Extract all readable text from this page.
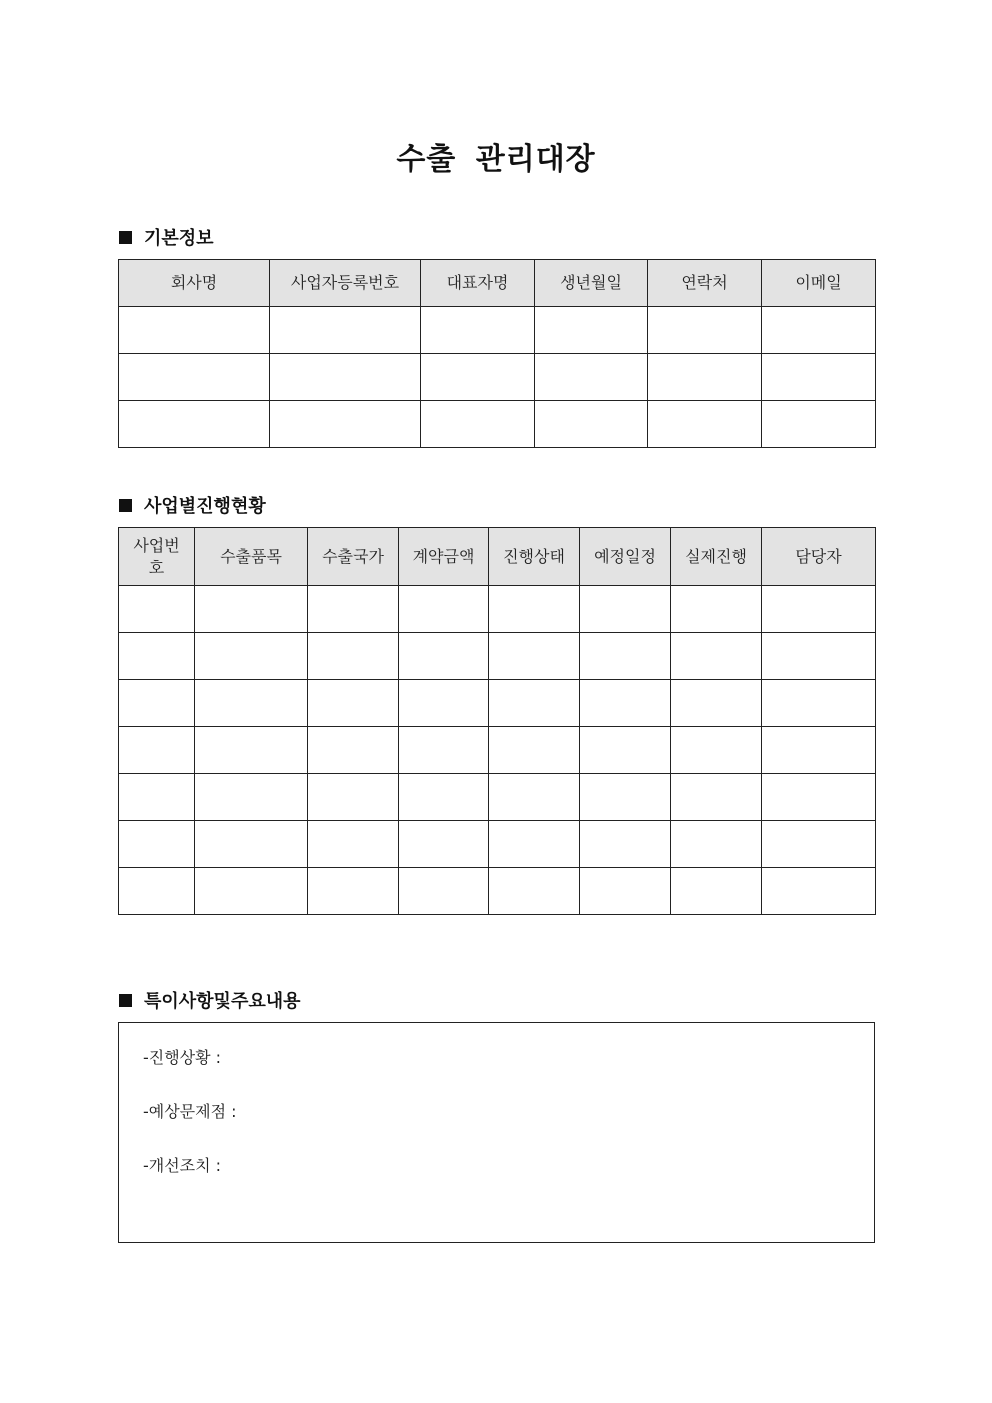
수출 관리대장
기본정보
회사명	사업자등록번호	대표자명	생년월일	연락처	이메일

사업별진행현황
사업번호	수출품목	수출국가	계약금액	진행상태	예정일정	실제진행	담당자

특이사항및주요내용
-진행상황 :
-예상문제점 :
-개선조치 :
